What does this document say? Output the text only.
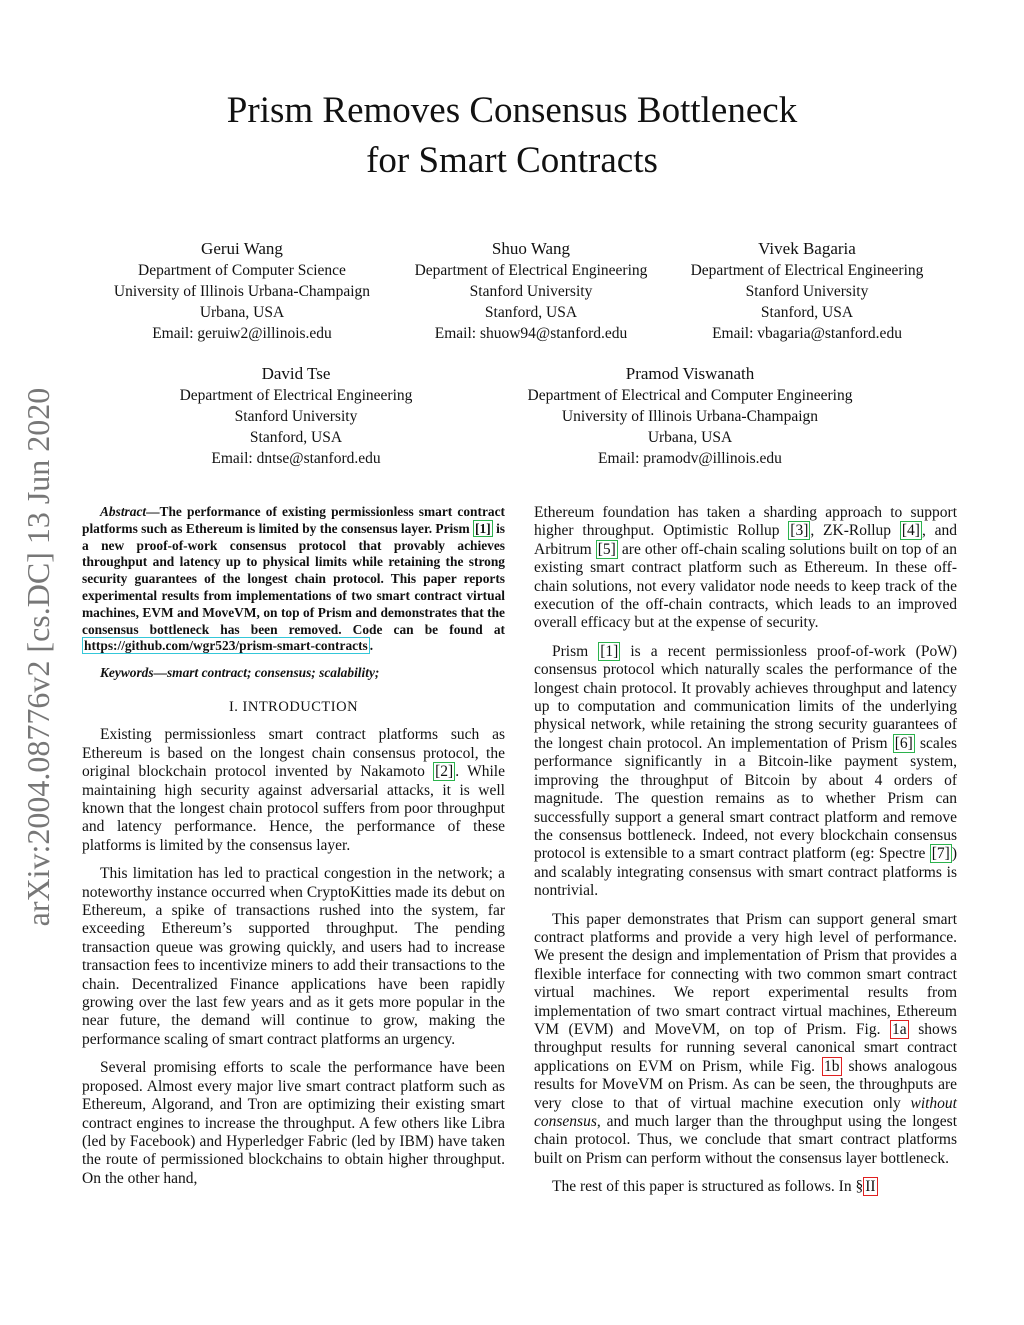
Prism Removes Consensus Bottleneck
for Smart Contracts
arXiv:2004.08776v2 [cs.DC] 13 Jun 2020
Gerui Wang
Department of Computer Science
University of Illinois Urbana-Champaign
Urbana, USA
Email: geruiw2@illinois.edu
Shuo Wang
Department of Electrical Engineering
Stanford University
Stanford, USA
Email: shuow94@stanford.edu
Vivek Bagaria
Department of Electrical Engineering
Stanford University
Stanford, USA
Email: vbagaria@stanford.edu
David Tse
Department of Electrical Engineering
Stanford University
Stanford, USA
Email: dntse@stanford.edu
Pramod Viswanath
Department of Electrical and Computer Engineering
University of Illinois Urbana-Champaign
Urbana, USA
Email: pramodv@illinois.edu

Abstract—The performance of existing permissionless smart contract platforms such as Ethereum is limited by the consensus layer. Prism [1] is a new proof-of-work consensus protocol that provably achieves throughput and latency up to physical limits while retaining the strong security guarantees of the longest chain protocol. This paper reports experimental results from implementations of two smart contract virtual machines, EVM and MoveVM, on top of Prism and demonstrates that the consensus bottleneck has been removed. Code can be found at https://github.com/wgr523/prism-smart-contracts .

Keywords—smart contract; consensus; scalability;

I. INTRODUCTION

Existing permissionless smart contract platforms such as Ethereum is based on the longest chain consensus protocol, the original blockchain protocol invented by Nakamoto [2] . While maintaining high security against adversarial attacks, it is well known that the longest chain protocol suffers from poor throughput and latency performance. Hence, the performance of these platforms is limited by the consensus layer.

This limitation has led to practical congestion in the network; a noteworthy instance occurred when CryptoKitties made its debut on Ethereum, a spike of transactions rushed into the system, far exceeding Ethereum’s supported throughput. The pending transaction queue was growing quickly, and users had to increase transaction fees to incentivize miners to add their transactions to the chain. Decentralized Finance applications have been rapidly growing over the last few years and as it gets more popular in the near future, the demand will continue to grow, making the performance scaling of smart contract platforms an urgency.

Several promising efforts to scale the performance have been proposed. Almost every major live smart contract platform such as Ethereum, Algorand, and Tron are optimizing their existing smart contract engines to increase the throughput. A few others like Libra (led by Facebook) and Hyperledger Fabric (led by IBM) have taken the route of permissioned blockchains to obtain higher throughput. On the other hand,

Ethereum foundation has taken a sharding approach to support higher throughput. Optimistic Rollup [3] , ZK-Rollup [4] , and Arbitrum [5] are other off-chain scaling solutions built on top of an existing smart contract platform such as Ethereum. In these off-chain solutions, not every validator node needs to keep track of the execution of the off-chain contracts, which leads to an improved overall efficacy but at the expense of security.

Prism [1] is a recent permissionless proof-of-work (PoW) consensus protocol which naturally scales the performance of the longest chain protocol. It provably achieves throughput and latency up to computation and communication limits of the underlying physical network, while retaining the strong security guarantees of the longest chain protocol. An implementation of Prism [6] scales performance significantly in a Bitcoin-like payment system, improving the throughput of Bitcoin by about 4 orders of magnitude. The question remains as to whether Prism can successfully support a general smart contract platform and remove the consensus bottleneck. Indeed, not every blockchain consensus protocol is extensible to a smart contract platform (eg: Spectre [7] ) and scalably integrating consensus with smart contract platforms is nontrivial.

This paper demonstrates that Prism can support general smart contract platforms and provide a very high level of performance. We present the design and implementation of Prism that provides a flexible interface for connecting with two common smart contract virtual machines. We report experimental results from implementation of two smart contract virtual machines, Ethereum VM (EVM) and MoveVM, on top of Prism. Fig. 1a shows throughput results for running several canonical smart contract applications on EVM on Prism, while Fig. 1b shows analogous results for MoveVM on Prism. As can be seen, the throughputs are very close to that of virtual machine execution only without consensus, and much larger than the throughput using the longest chain protocol. Thus, we conclude that smart contract platforms built on Prism can perform without the consensus layer bottleneck.

The rest of this paper is structured as follows. In § II
